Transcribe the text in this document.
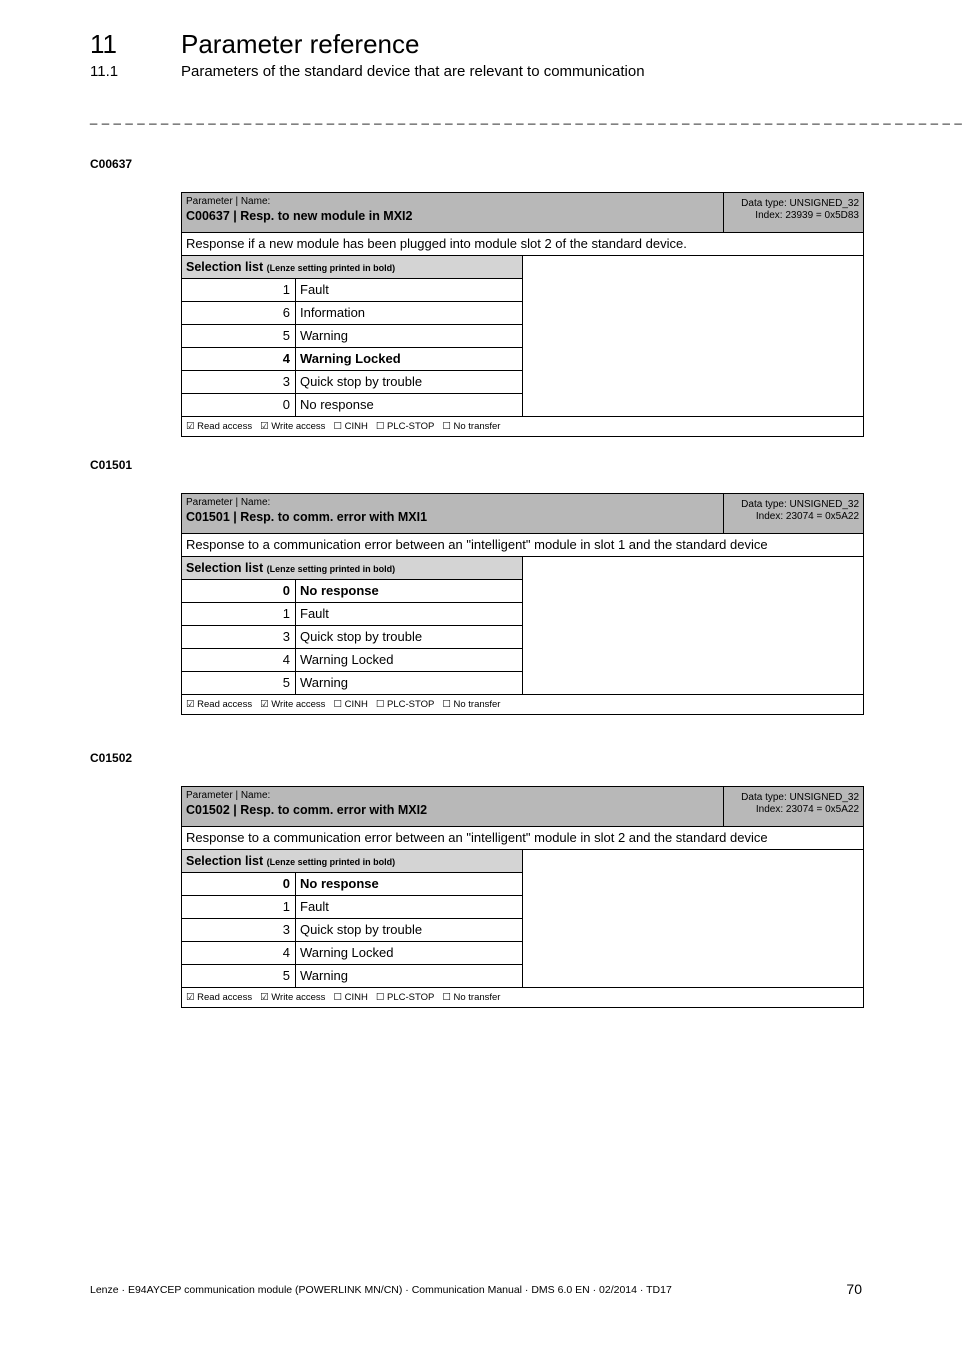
11 Parameter reference
11.1	Parameters of the standard device that are relevant to communication
_ _ _ _ _ _ _ _ _ _ _ _ _ _ _ _ _ _ _ _ _ _ _ _ _ _ _ _ _ _ _ _ _ _ _ _ _ _ _ _ _ _ _ _ _ _ _ _ _ _ _ _ _ _ _ _ _ _ _ _ _ _ _ _ _ _ _ _ _ _ _ _ _ _
C00637
Parameter | Name:
C00637 | Resp. to new module in MXI2
Data type: UNSIGNED_32
Index: 23939 = 0x5D83
Response if a new module has been plugged into module slot 2 of the standard device.
Selection list (Lenze setting printed in bold)
1 Fault
6 Information
5 Warning
4 Warning Locked
3 Quick stop by trouble
0 No response
☑ Read access ☑ Write access ☐ CINH ☐ PLC-STOP ☐ No transfer
C01501
Parameter | Name:
C01501 | Resp. to comm. error with MXI1
Data type: UNSIGNED_32
Index: 23074 = 0x5A22
Response to a communication error between an "intelligent" module in slot 1 and the standard device
Selection list (Lenze setting printed in bold)
0 No response
1 Fault
3 Quick stop by trouble
4 Warning Locked
5 Warning
☑ Read access ☑ Write access ☐ CINH ☐ PLC-STOP ☐ No transfer
C01502
Parameter | Name:
C01502 | Resp. to comm. error with MXI2
Data type: UNSIGNED_32
Index: 23074 = 0x5A22
Response to a communication error between an "intelligent" module in slot 2 and the standard device
Selection list (Lenze setting printed in bold)
0 No response
1 Fault
3 Quick stop by trouble
4 Warning Locked
5 Warning
☑ Read access ☑ Write access ☐ CINH ☐ PLC-STOP ☐ No transfer
Lenze · E94AYCEP communication module (POWERLINK MN/CN) · Communication Manual · DMS 6.0 EN · 02/2014 · TD17	70
